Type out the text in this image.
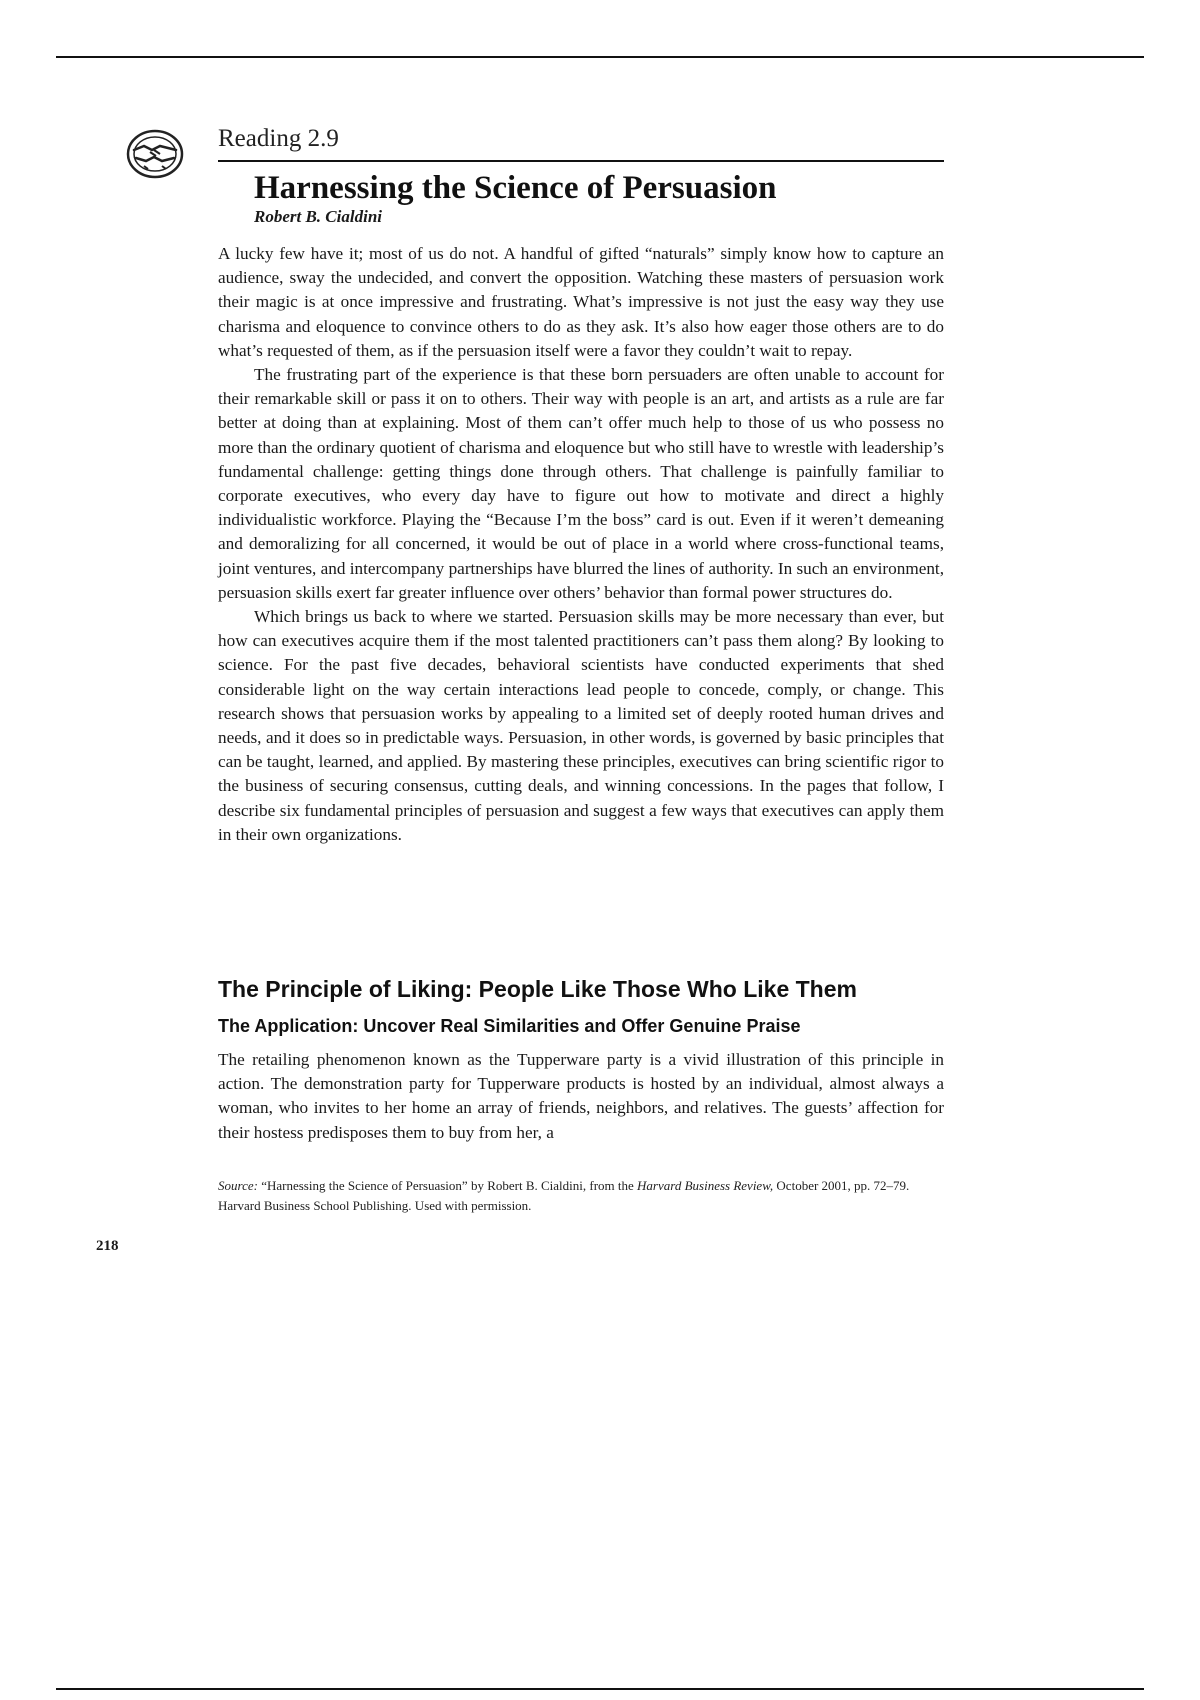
Reading 2.9
Harnessing the Science of Persuasion
Robert B. Cialdini

A lucky few have it; most of us do not. A handful of gifted “naturals” simply know how to capture an audience, sway the undecided, and convert the opposition. Watching these masters of persuasion work their magic is at once impressive and frustrating. What’s impressive is not just the easy way they use charisma and eloquence to convince others to do as they ask. It’s also how eager those others are to do what’s requested of them, as if the persuasion itself were a favor they couldn’t wait to repay.

The frustrating part of the experience is that these born persuaders are often unable to account for their remarkable skill or pass it on to others. Their way with people is an art, and artists as a rule are far better at doing than at explaining. Most of them can’t offer much help to those of us who possess no more than the ordinary quotient of charisma and eloquence but who still have to wrestle with leadership’s fundamental challenge: getting things done through others. That challenge is painfully familiar to corporate executives, who every day have to figure out how to motivate and direct a highly individualistic workforce. Playing the “Because I’m the boss” card is out. Even if it weren’t demeaning and demoralizing for all concerned, it would be out of place in a world where cross-functional teams, joint ventures, and intercompany partnerships have blurred the lines of authority. In such an environment, persuasion skills exert far greater influence over others’ behavior than formal power structures do.

Which brings us back to where we started. Persuasion skills may be more necessary than ever, but how can executives acquire them if the most talented practitioners can’t pass them along? By looking to science. For the past five decades, behavioral scientists have conducted experiments that shed considerable light on the way certain interactions lead people to concede, comply, or change. This research shows that persuasion works by appealing to a limited set of deeply rooted human drives and needs, and it does so in predictable ways. Persuasion, in other words, is governed by basic principles that can be taught, learned, and applied. By mastering these principles, executives can bring scientific rigor to the business of securing consensus, cutting deals, and winning concessions. In the pages that follow, I describe six fundamental principles of persuasion and suggest a few ways that executives can apply them in their own organizations.

The Principle of Liking: People Like Those Who Like Them
The Application: Uncover Real Similarities and Offer Genuine Praise

The retailing phenomenon known as the Tupperware party is a vivid illustration of this principle in action. The demonstration party for Tupperware products is hosted by an individual, almost always a woman, who invites to her home an array of friends, neighbors, and relatives. The guests’ affection for their hostess predisposes them to buy from her, a

Source: “Harnessing the Science of Persuasion” by Robert B. Cialdini, from the Harvard Business Review, October 2001, pp. 72–79. Harvard Business School Publishing. Used with permission.
218
